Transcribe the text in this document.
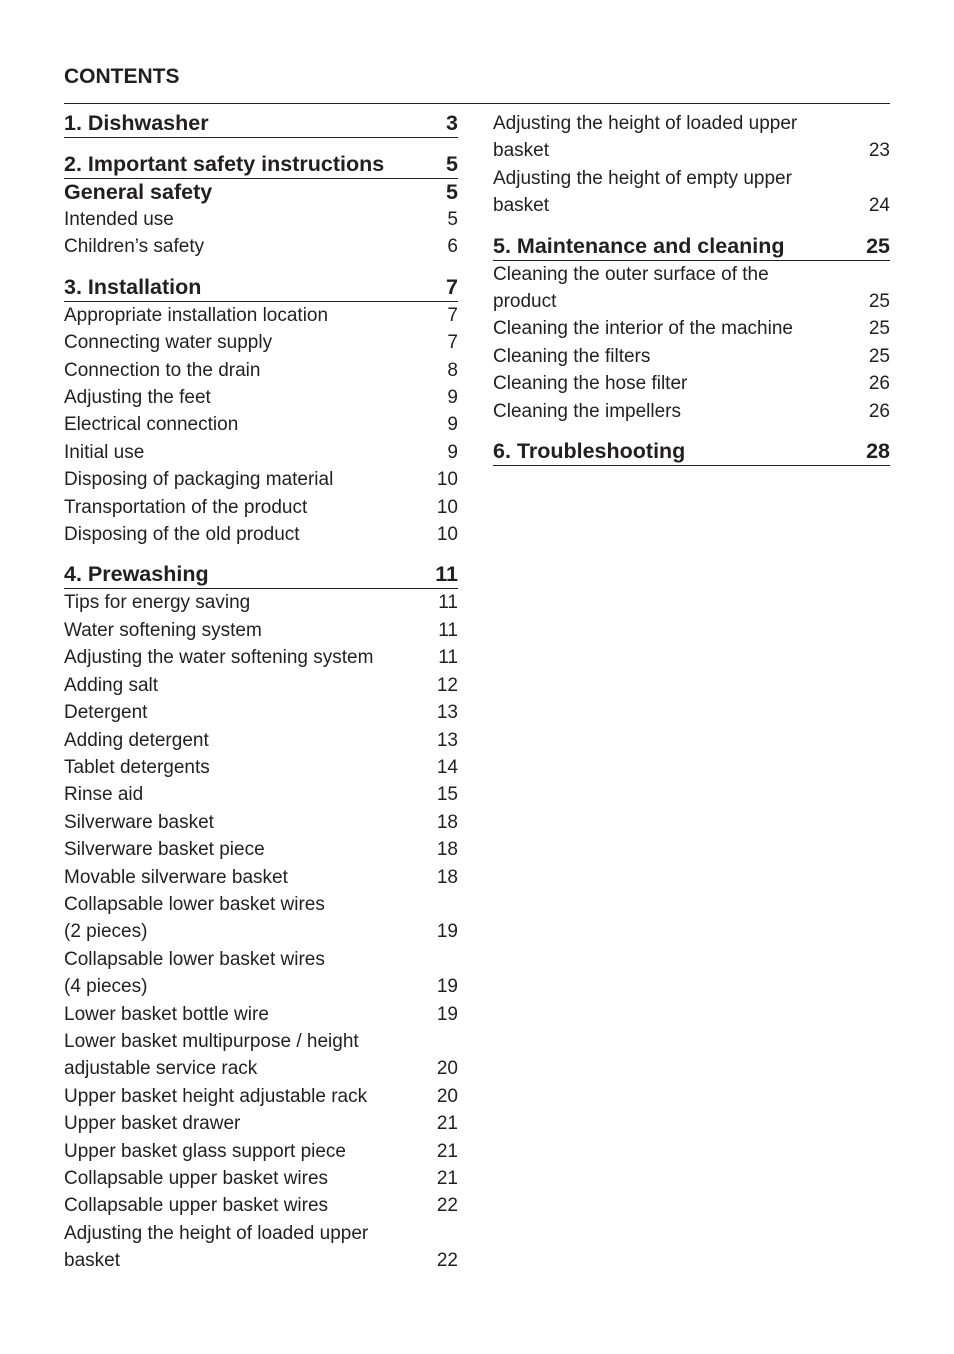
CONTENTS
1. Dishwasher	3
2. Important safety instructions	5
General safety	5
Intended use	5
Children’s safety	6
3. Installation	7
Appropriate installation location	7
Connecting water supply	7
Connection to the drain	8
Adjusting the feet	9
Electrical connection	9
Initial use	9
Disposing of packaging material	10
Transportation of the product	10
Disposing of the old product	10
4. Prewashing	11
Tips for energy saving	11
Water softening system	11
Adjusting the water softening system	11
Adding salt	12
Detergent	13
Adding detergent	13
Tablet detergents	14
Rinse aid	15
Silverware basket	18
Silverware basket piece	18
Movable silverware basket	18
Collapsable lower basket wires
(2 pieces)	19
Collapsable lower basket wires
(4 pieces)	19
Lower basket bottle wire	19
Lower basket multipurpose / height
adjustable service rack	20
Upper basket height adjustable rack	20
Upper basket drawer	21
Upper basket glass support piece	21
Collapsable upper basket wires	21
Collapsable upper basket wires	22
Adjusting the height of loaded upper
basket	22
Adjusting the height of loaded upper
basket	23
Adjusting the height of empty upper
basket	24
5. Maintenance and cleaning	25
Cleaning the outer surface of the
product	25
Cleaning the interior of the machine	25
Cleaning the filters	25
Cleaning the hose filter	26
Cleaning the impellers	26
6. Troubleshooting	28
